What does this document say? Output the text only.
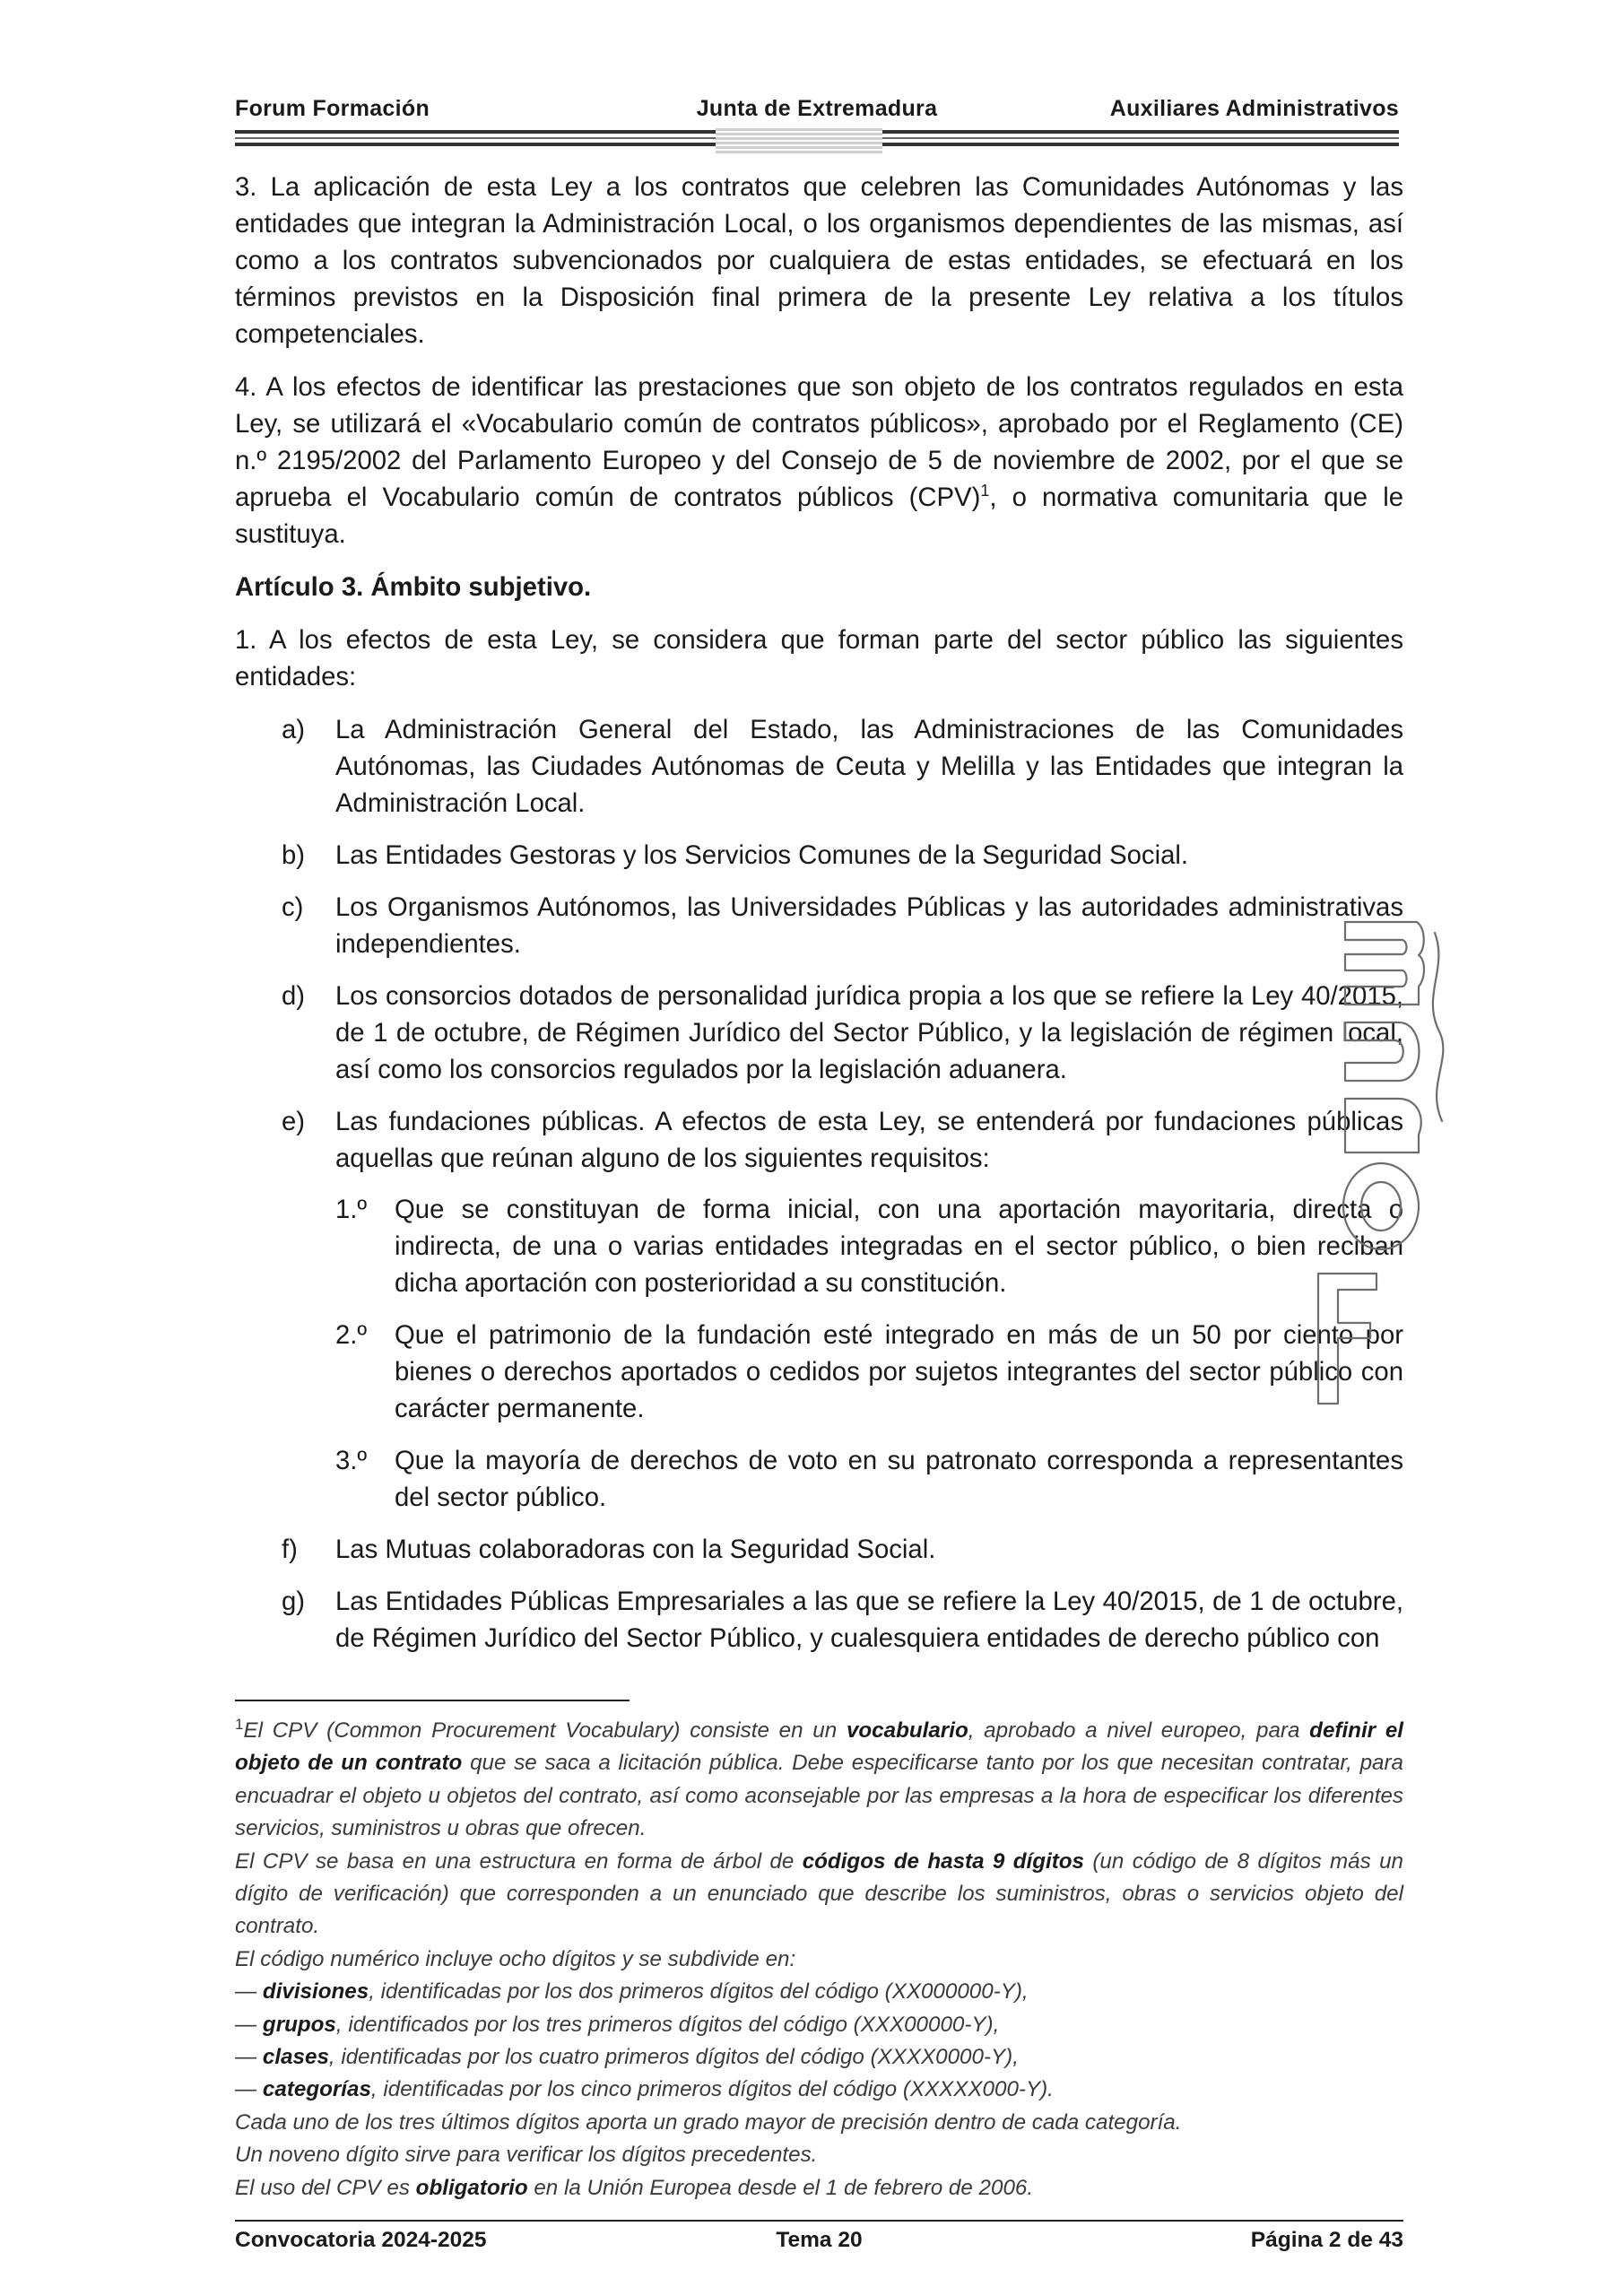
Forum Formación	Junta de Extremadura	Auxiliares Administrativos

3. La aplicación de esta Ley a los contratos que celebren las Comunidades Autónomas y las entidades que integran la Administración Local, o los organismos dependientes de las mismas, así como a los contratos subvencionados por cualquiera de estas entidades, se efectuará en los términos previstos en la Disposición final primera de la presente Ley relativa a los títulos competenciales.

4. A los efectos de identificar las prestaciones que son objeto de los contratos regulados en esta Ley, se utilizará el «Vocabulario común de contratos públicos», aprobado por el Reglamento (CE) n.º 2195/2002 del Parlamento Europeo y del Consejo de 5 de noviembre de 2002, por el que se aprueba el Vocabulario común de contratos públicos (CPV)$^1$, o normativa comunitaria que le sustituya.

Artículo 3. Ámbito subjetivo.

1. A los efectos de esta Ley, se considera que forman parte del sector público las siguientes entidades:

a)	La Administración General del Estado, las Administraciones de las Comunidades Autónomas, las Ciudades Autónomas de Ceuta y Melilla y las Entidades que integran la Administración Local.
b)	Las Entidades Gestoras y los Servicios Comunes de la Seguridad Social.
c)	Los Organismos Autónomos, las Universidades Públicas y las autoridades administrativas independientes.
d)	Los consorcios dotados de personalidad jurídica propia a los que se refiere la Ley 40/2015, de 1 de octubre, de Régimen Jurídico del Sector Público, y la legislación de régimen local, así como los consorcios regulados por la legislación aduanera.
e)	Las fundaciones públicas. A efectos de esta Ley, se entenderá por fundaciones públicas aquellas que reúnan alguno de los siguientes requisitos:
1.º	Que se constituyan de forma inicial, con una aportación mayoritaria, directa o indirecta, de una o varias entidades integradas en el sector público, o bien reciban dicha aportación con posterioridad a su constitución.
2.º	Que el patrimonio de la fundación esté integrado en más de un 50 por ciento por bienes o derechos aportados o cedidos por sujetos integrantes del sector público con carácter permanente.
3.º	Que la mayoría de derechos de voto en su patronato corresponda a representantes del sector público.
f)	Las Mutuas colaboradoras con la Seguridad Social.
g)	Las Entidades Públicas Empresariales a las que se refiere la Ley 40/2015, de 1 de octubre, de Régimen Jurídico del Sector Público, y cualesquiera entidades de derecho público con
$^1$El CPV (Common Procurement Vocabulary) consiste en un vocabulario, aprobado a nivel europeo, para definir el objeto de un contrato que se saca a licitación pública. Debe especificarse tanto por los que necesitan contratar, para encuadrar el objeto u objetos del contrato, así como aconsejable por las empresas a la hora de especificar los diferentes servicios, suministros u obras que ofrecen.
El CPV se basa en una estructura en forma de árbol de códigos de hasta 9 dígitos (un código de 8 dígitos más un dígito de verificación) que corresponden a un enunciado que describe los suministros, obras o servicios objeto del contrato.
El código numérico incluye ocho dígitos y se subdivide en:
— divisiones, identificadas por los dos primeros dígitos del código (XX000000-Y),
— grupos, identificados por los tres primeros dígitos del código (XXX00000-Y),
— clases, identificadas por los cuatro primeros dígitos del código (XXXX0000-Y),
— categorías, identificadas por los cinco primeros dígitos del código (XXXXX000-Y).
Cada uno de los tres últimos dígitos aporta un grado mayor de precisión dentro de cada categoría.
Un noveno dígito sirve para verificar los dígitos precedentes.
El uso del CPV es obligatorio en la Unión Europea desde el 1 de febrero de 2006.
Convocatoria 2024-2025	Tema 20	Página 2 de 43
